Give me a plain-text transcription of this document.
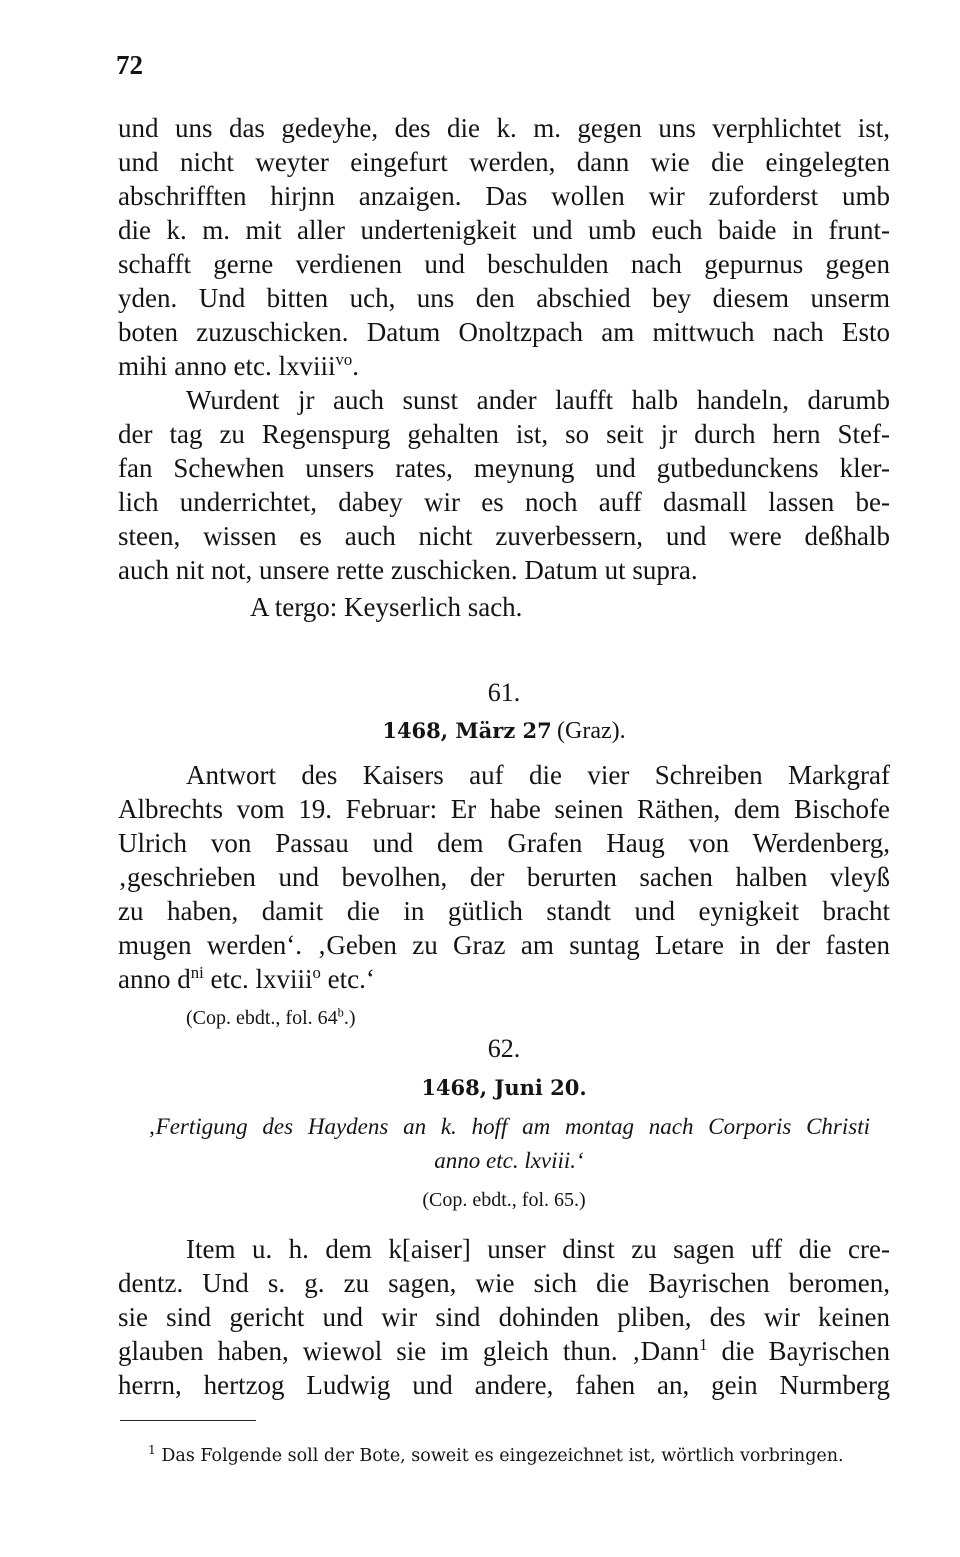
72
und uns das gedeyhe, des die k. m. gegen uns verphlichtet ist,
und nicht weyter eingefurt werden, dann wie die eingelegten
abschrifften hirjnn anzaigen. Das wollen wir zuforderst umb
die k. m. mit aller undertenigkeit und umb euch baide in frunt-
schafft gerne verdienen und beschulden nach gepurnus gegen
yden. Und bitten uch, uns den abschied bey diesem unserm
boten zuzuschicken. Datum Onoltzpach am mittwuch nach Esto
mihi anno etc. lxviii$^{vo}$.
Wurdent jr auch sunst ander laufft halb handeln, darumb
der tag zu Regenspurg gehalten ist, so seit jr durch hern Stef-
fan Schewhen unsers rates, meynung und gutbedunckens kler-
lich underrichtet, dabey wir es noch auff dasmall lassen be-
steen, wissen es auch nicht zuverbessern, und were deßhalb
auch nit not, unsere rette zuschicken. Datum ut supra.
A tergo: Keyserlich sach.
61.
1468, März 27 (Graz).
Antwort des Kaisers auf die vier Schreiben Markgraf
Albrechts vom 19. Februar: Er habe seinen Räthen, dem Bischofe
Ulrich von Passau und dem Grafen Haug von Werdenberg,
‚geschrieben und bevolhen, der berurten sachen halben vleyß
zu haben, damit die in gütlich standt und eynigkeit bracht
mugen werden‘. ‚Geben zu Graz am suntag Letare in der fasten
anno $d^{ni}$ etc. lxviii$^o$ etc.‘
(Cop. ebdt., fol. 64$^b$.)
62.
1468, Juni 20.
‚Fertigung des Haydens an k. hoff am montag nach Corporis Christi
anno etc. lxviii.‘
(Cop. ebdt., fol. 65.)
Item u. h. dem k[aiser] unser dinst zu sagen uff die cre-
dentz. Und s. g. zu sagen, wie sich die Bayrischen beromen,
sie sind gericht und wir sind dohinden pliben, des wir keinen
glauben haben, wiewol sie im gleich thun. ‚Dann$^1$ die Bayrischen
herrn, hertzog Ludwig und andere, fahen an, gein Nurmberg
$^1$ Das Folgende soll der Bote, soweit es eingezeichnet ist, wörtlich vorbringen.
